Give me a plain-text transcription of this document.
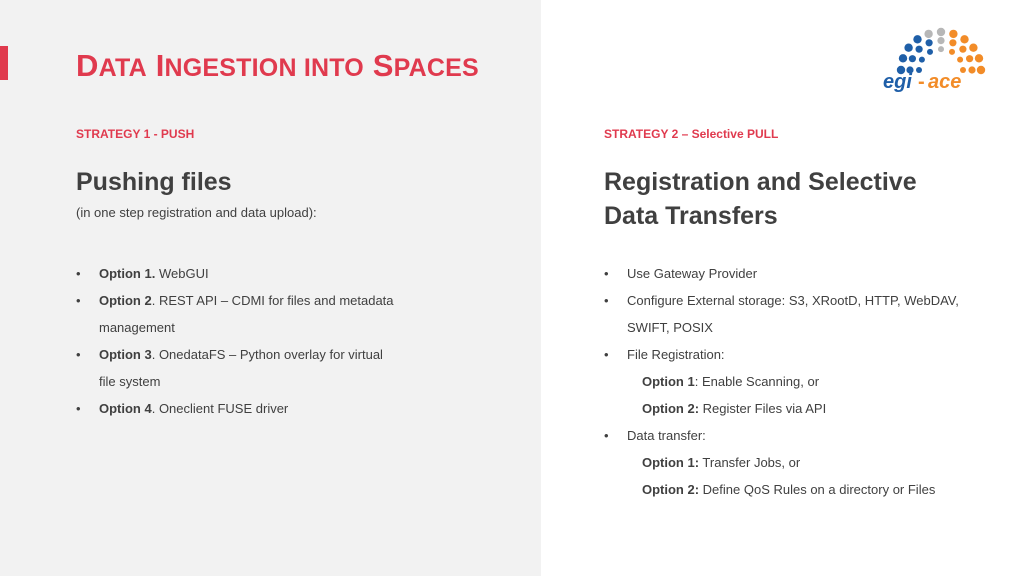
DATA INGESTION INTO SPACES	egi - ace
STRATEGY 1 - PUSH
Pushing files
(in one step registration and data upload):
• Option 1. WebGUI
• Option 2. REST API – CDMI for files and metadata
management
• Option 3. OnedataFS – Python overlay for virtual
file system
• Option 4. Oneclient FUSE driver
STRATEGY 2 – Selective PULL
Registration and Selective
Data Transfers
• Use Gateway Provider
• Configure External storage: S3, XRootD, HTTP, WebDAV,
SWIFT, POSIX
• File Registration:
Option 1: Enable Scanning, or
Option 2: Register Files via API
• Data transfer:
Option 1: Transfer Jobs, or
Option 2: Define QoS Rules on a directory or Files
